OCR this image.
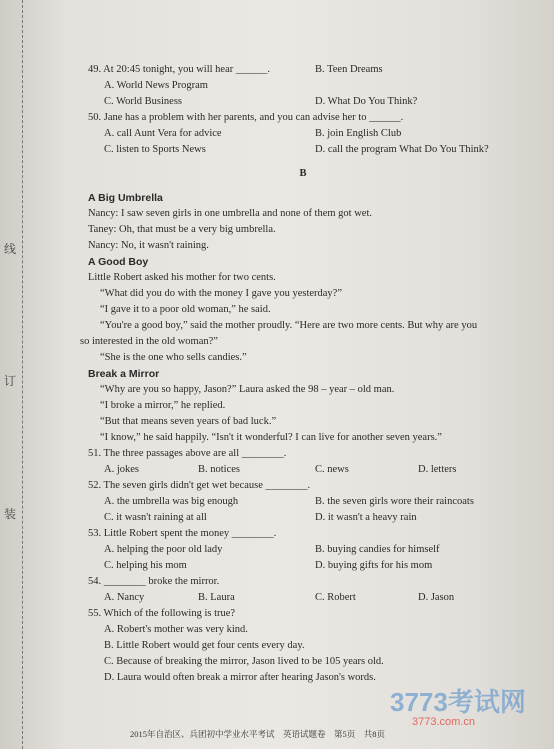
线
订
装
49. At 20:45 tonight, you will hear ______.	B. Teen Dreams
A. World News Program
C. World Business	D. What Do You Think?
50. Jane has a problem with her parents, and you can advise her to ______.
A. call Aunt Vera for advice	B. join English Club
C. listen to Sports News	D. call the program What Do You Think?
B
A Big Umbrella
Nancy: I saw seven girls in one umbrella and none of them got wet.
Taney: Oh, that must be a very big umbrella.
Nancy: No, it wasn't raining.
A Good Boy
Little Robert asked his mother for two cents.
“What did you do with the money I gave you yesterday?”
“I gave it to a poor old woman,” he said.
“You're a good boy,” said the mother proudly. “Here are two more cents. But why are you
so interested in the old woman?”
“She is the one who sells candies.”
Break a Mirror
“Why are you so happy, Jason?” Laura asked the 98 – year – old man.
“I broke a mirror,” he replied.
“But that means seven years of bad luck.”
“I know,” he said happily. “Isn't it wonderful? I can live for another seven years.”
51. The three passages above are all ________.
A. jokes	B. notices	C. news	D. letters
52. The seven girls didn't get wet because ________.
A. the umbrella was big enough	B. the seven girls wore their raincoats
C. it wasn't raining at all	D. it wasn't a heavy rain
53. Little Robert spent the money ________.
A. helping the poor old lady	B. buying candies for himself
C. helping his mom	D. buying gifts for his mom
54. ________ broke the mirror.
A. Nancy	B. Laura	C. Robert	D. Jason
55. Which of the following is true?
A. Robert's mother was very kind.
B. Little Robert would get four cents every day.
C. Because of breaking the mirror, Jason lived to be 105 years old.
D. Laura would often break a mirror after hearing Jason's words.
3773考试网
3773.com.cn
2015年自治区、兵团初中学业水平考试　英语试题卷　第5页　共8页
